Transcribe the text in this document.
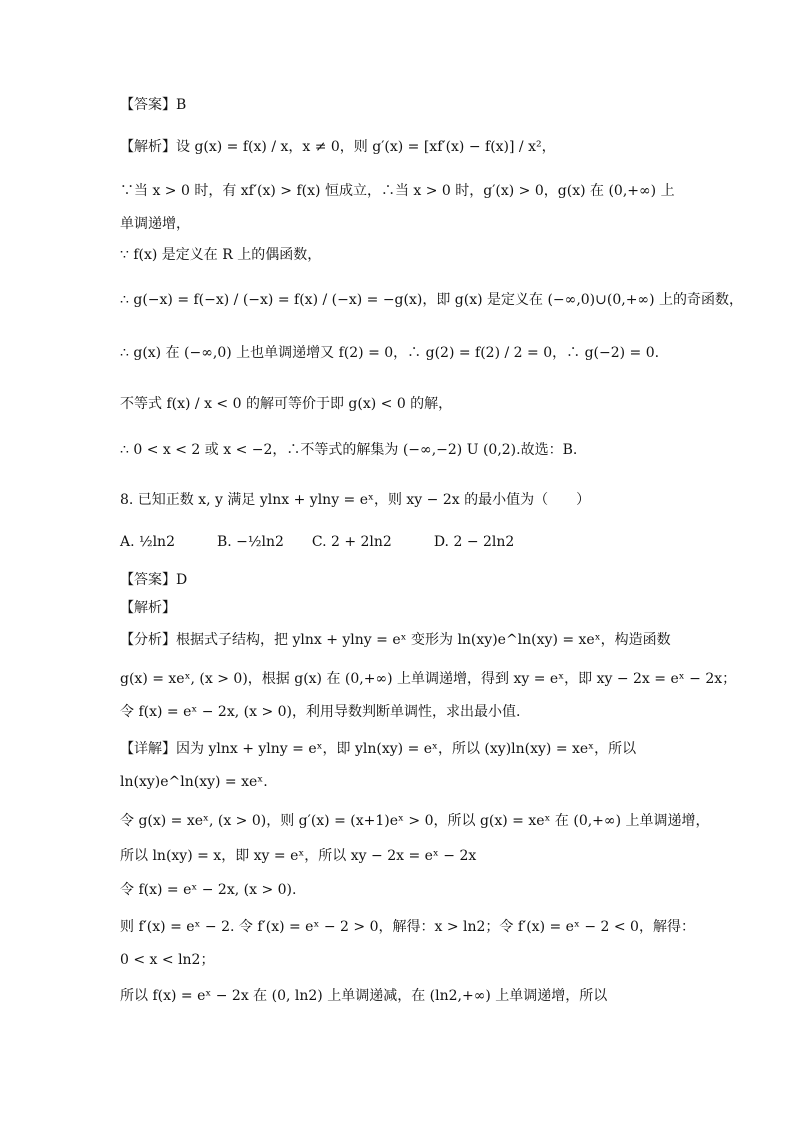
【答案】B
【解析】设 g(x) = f(x) / x，x ≠ 0，则 g′(x) = [xf′(x) − f(x)] / x²，
∵当 x > 0 时，有 xf′(x) > f(x) 恒成立，∴当 x > 0 时，g′(x) > 0，g(x) 在 (0,+∞) 上
单调递增，
∵ f(x) 是定义在 R 上的偶函数，
∴ g(−x) = f(−x) / (−x) = f(x) / (−x) = −g(x)，即 g(x) 是定义在 (−∞,0)∪(0,+∞) 上的奇函数，
∴ g(x) 在 (−∞,0) 上也单调递增又 f(2) = 0，∴ g(2) = f(2) / 2 = 0，∴ g(−2) = 0.
不等式 f(x) / x < 0 的解可等价于即 g(x) < 0 的解，
∴ 0 < x < 2 或 x < −2，∴不等式的解集为 (−∞,−2) U (0,2).故选：B.
8. 已知正数 x, y 满足 ylnx + ylny = eˣ，则 xy − 2x 的最小值为（　　）
A. ½ln2　　　B. −½ln2　　C. 2 + 2ln2　　　D. 2 − 2ln2
【答案】D
【解析】
【分析】根据式子结构，把 ylnx + ylny = eˣ 变形为 ln(xy)e^ln(xy) = xeˣ，构造函数
g(x) = xeˣ, (x > 0)，根据 g(x) 在 (0,+∞) 上单调递增，得到 xy = eˣ，即 xy − 2x = eˣ − 2x；
令 f(x) = eˣ − 2x, (x > 0)，利用导数判断单调性，求出最小值.
【详解】因为 ylnx + ylny = eˣ，即 yln(xy) = eˣ，所以 (xy)ln(xy) = xeˣ，所以
ln(xy)e^ln(xy) = xeˣ.
令 g(x) = xeˣ, (x > 0)，则 g′(x) = (x+1)eˣ > 0，所以 g(x) = xeˣ 在 (0,+∞) 上单调递增，
所以 ln(xy) = x，即 xy = eˣ，所以 xy − 2x = eˣ − 2x
令 f(x) = eˣ − 2x, (x > 0).
则 f′(x) = eˣ − 2. 令 f′(x) = eˣ − 2 > 0，解得：x > ln2；令 f′(x) = eˣ − 2 < 0，解得：
0 < x < ln2；
所以 f(x) = eˣ − 2x 在 (0, ln2) 上单调递减，在 (ln2,+∞) 上单调递增，所以
